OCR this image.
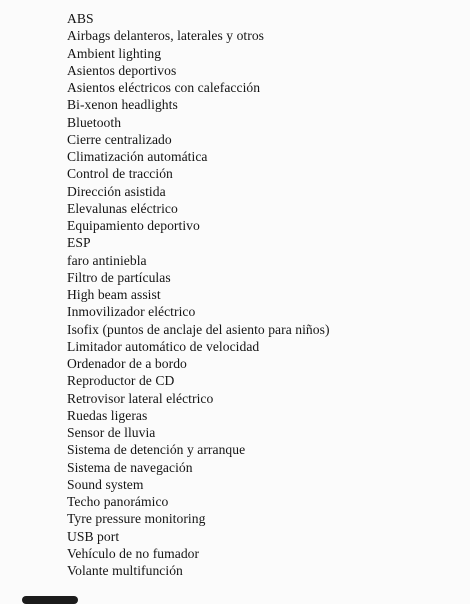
ABS
Airbags delanteros, laterales y otros
Ambient lighting
Asientos deportivos
Asientos eléctricos con calefacción
Bi-xenon headlights
Bluetooth
Cierre centralizado
Climatización automática
Control de tracción
Dirección asistida
Elevalunas eléctrico
Equipamiento deportivo
ESP
faro antiniebla
Filtro de partículas
High beam assist
Inmovilizador eléctrico
Isofix (puntos de anclaje del asiento para niños)
Limitador automático de velocidad
Ordenador de a bordo
Reproductor de CD
Retrovisor lateral eléctrico
Ruedas ligeras
Sensor de lluvia
Sistema de detención y arranque
Sistema de navegación
Sound system
Techo panorámico
Tyre pressure monitoring
USB port
Vehículo de no fumador
Volante multifunción
